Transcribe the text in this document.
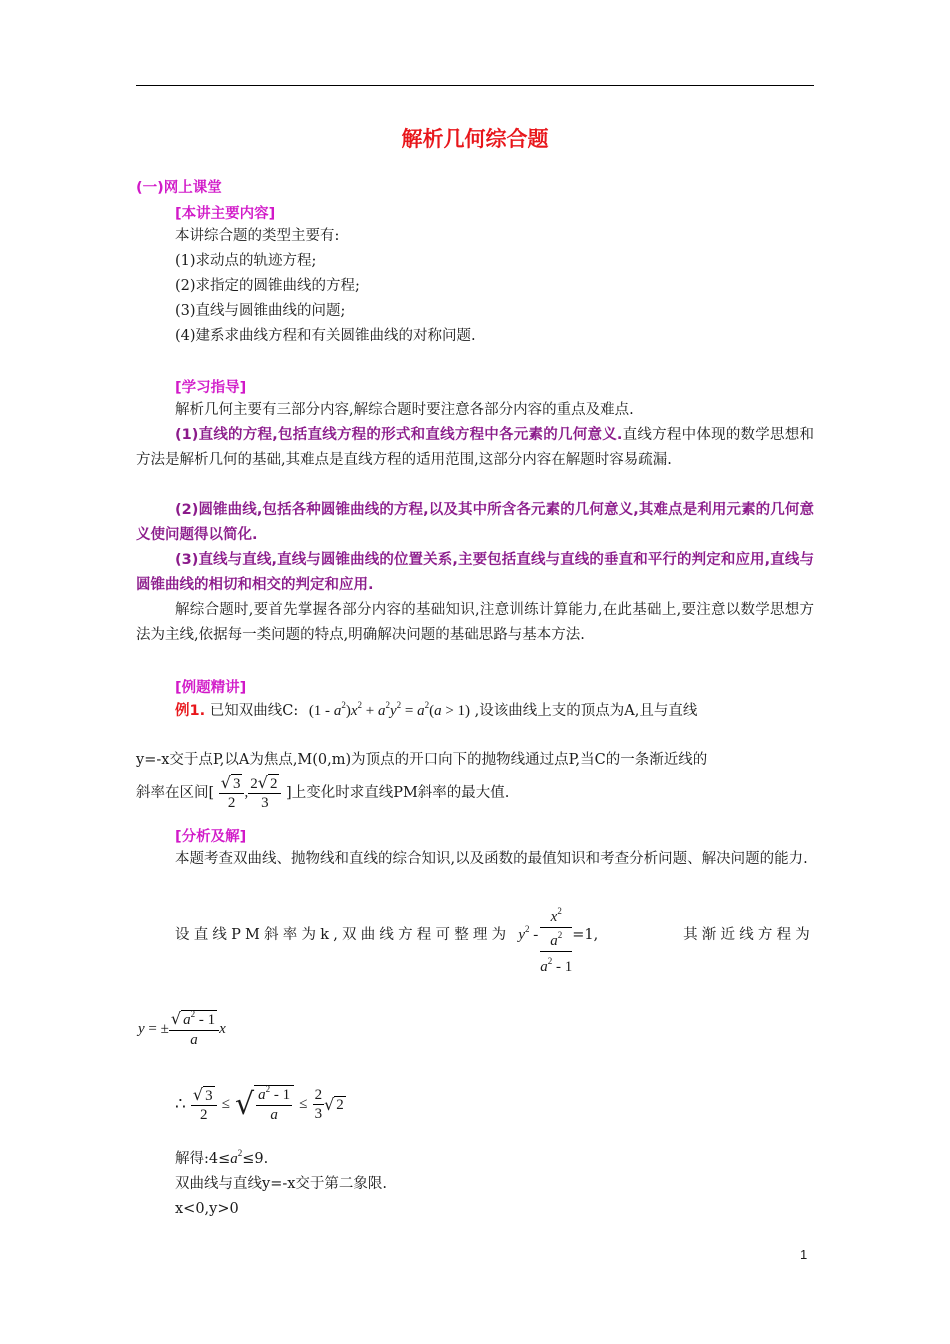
解析几何综合题
(一)网上课堂
[本讲主要内容]
本讲综合题的类型主要有:
(1)求动点的轨迹方程;
(2)求指定的圆锥曲线的方程;
(3)直线与圆锥曲线的问题;
(4)建系求曲线方程和有关圆锥曲线的对称问题.
[学习指导]
解析几何主要有三部分内容,解综合题时要注意各部分内容的重点及难点.
(1)直线的方程,包括直线方程的形式和直线方程中各元素的几何意义.直线方程中体现的数学思想和方法是解析几何的基础,其难点是直线方程的适用范围,这部分内容在解题时容易疏漏.
(2)圆锥曲线,包括各种圆锥曲线的方程,以及其中所含各元素的几何意义,其难点是利用元素的几何意义使问题得以简化.
(3)直线与直线,直线与圆锥曲线的位置关系,主要包括直线与直线的垂直和平行的判定和应用,直线与圆锥曲线的相切和相交的判定和应用.
解综合题时,要首先掌握各部分内容的基础知识,注意训练计算能力,在此基础上,要注意以数学思想方法为主线,依据每一类问题的特点,明确解决问题的基础思路与基本方法.
[例题精讲]
例1. 已知双曲线C: $(1 - a^2)x^2 + a^2y^2 = a^2(a > 1)$ ,设该曲线上支的顶点为A,且与直线
y=-x交于点P,以A为焦点,M(0,m)为顶点的开口向下的抛物线通过点P,当C的一条渐近线的
斜率在区间[ $\frac{√ 3}{2}$ , $\frac{2√ 2}{3}$ ]上变化时求直线PM斜率的最大值.
[分析及解]
本题考查双曲线、抛物线和直线的综合知识,以及函数的最值知识和考查分析问题、解决问题的能力.
设直线PM斜率为k,双曲线方程可整理为 $y^2$ -
$x^2$
$a^2$
$a^2 - 1$
=1,	其渐近线方程为
y = ± $\frac{√ a^2 - 1}{a}$ x
∴ $\frac{√ 3}{2}$ ≤ √ $\frac{a^2 - 1}{a} \le \frac{2}{3}$ √ 2
解得$:4\le a^2\le 9$.
双曲线与直线y=-x交于第二象限.
x<0,y>0
1
